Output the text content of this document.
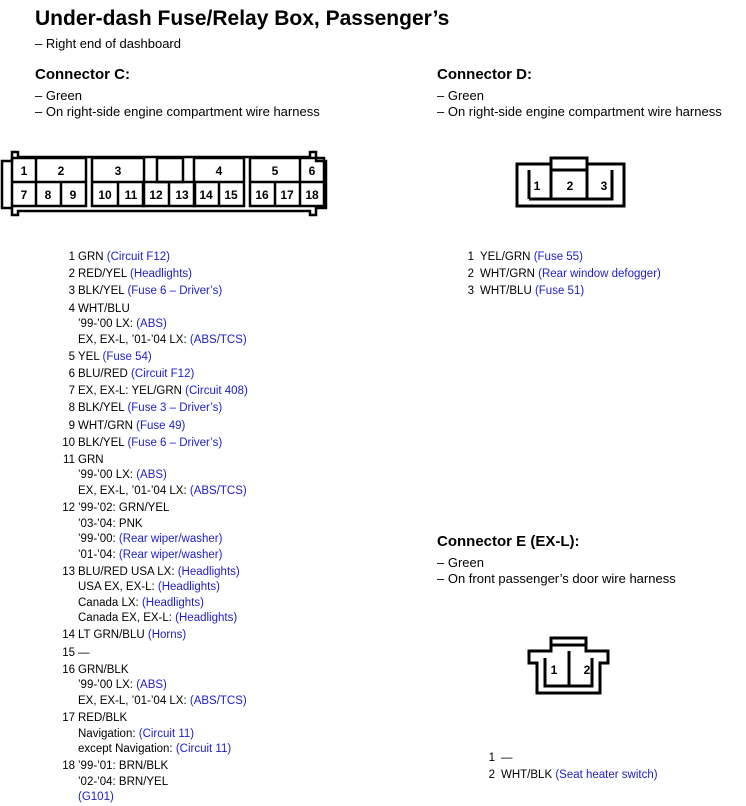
Under-dash Fuse/Relay Box, Passenger’s
– Right end of dashboard
Connector C:
– Green
– On right-side engine compartment wire harness
Connector D:
– Green
– On right-side engine compartment wire harness
Connector E (EX-L):
– Green
– On front passenger’s door wire harness
1	2	3	4	5	6
7 8 9 10 11 12 13 14 15 16 17 18
1 2 3
1 2
1 GRN (Circuit F12)
2 RED/YEL (Headlights)
3 BLK/YEL (Fuse 6 – Driver’s)
4 WHT/BLU
’99-’00 LX: (ABS)
EX, EX-L, ’01-’04 LX: (ABS/TCS)
5 YEL (Fuse 54)
6 BLU/RED (Circuit F12)
7 EX, EX-L: YEL/GRN (Circuit 408)
8 BLK/YEL (Fuse 3 – Driver’s)
9 WHT/GRN (Fuse 49)
10 BLK/YEL (Fuse 6 – Driver’s)
11 GRN
’99-’00 LX: (ABS)
EX, EX-L, ’01-’04 LX: (ABS/TCS)
12 ’99-’02: GRN/YEL
’03-’04: PNK
’99-’00: (Rear wiper/washer)
’01-’04: (Rear wiper/washer)
13 BLU/RED USA LX: (Headlights)
USA EX, EX-L: (Headlights)
Canada LX: (Headlights)
Canada EX, EX-L: (Headlights)
14 LT GRN/BLU (Horns)
15 —
16 GRN/BLK
’99-’00 LX: (ABS)
EX, EX-L, ’01-’04 LX: (ABS/TCS)
17 RED/BLK
Navigation: (Circuit 11)
except Navigation: (Circuit 11)
18 ’99-’01: BRN/BLK
’02-’04: BRN/YEL
(G101)
1 YEL/GRN (Fuse 55)
2 WHT/GRN (Rear window defogger)
3 WHT/BLU (Fuse 51)
1 —
2 WHT/BLK (Seat heater switch)
